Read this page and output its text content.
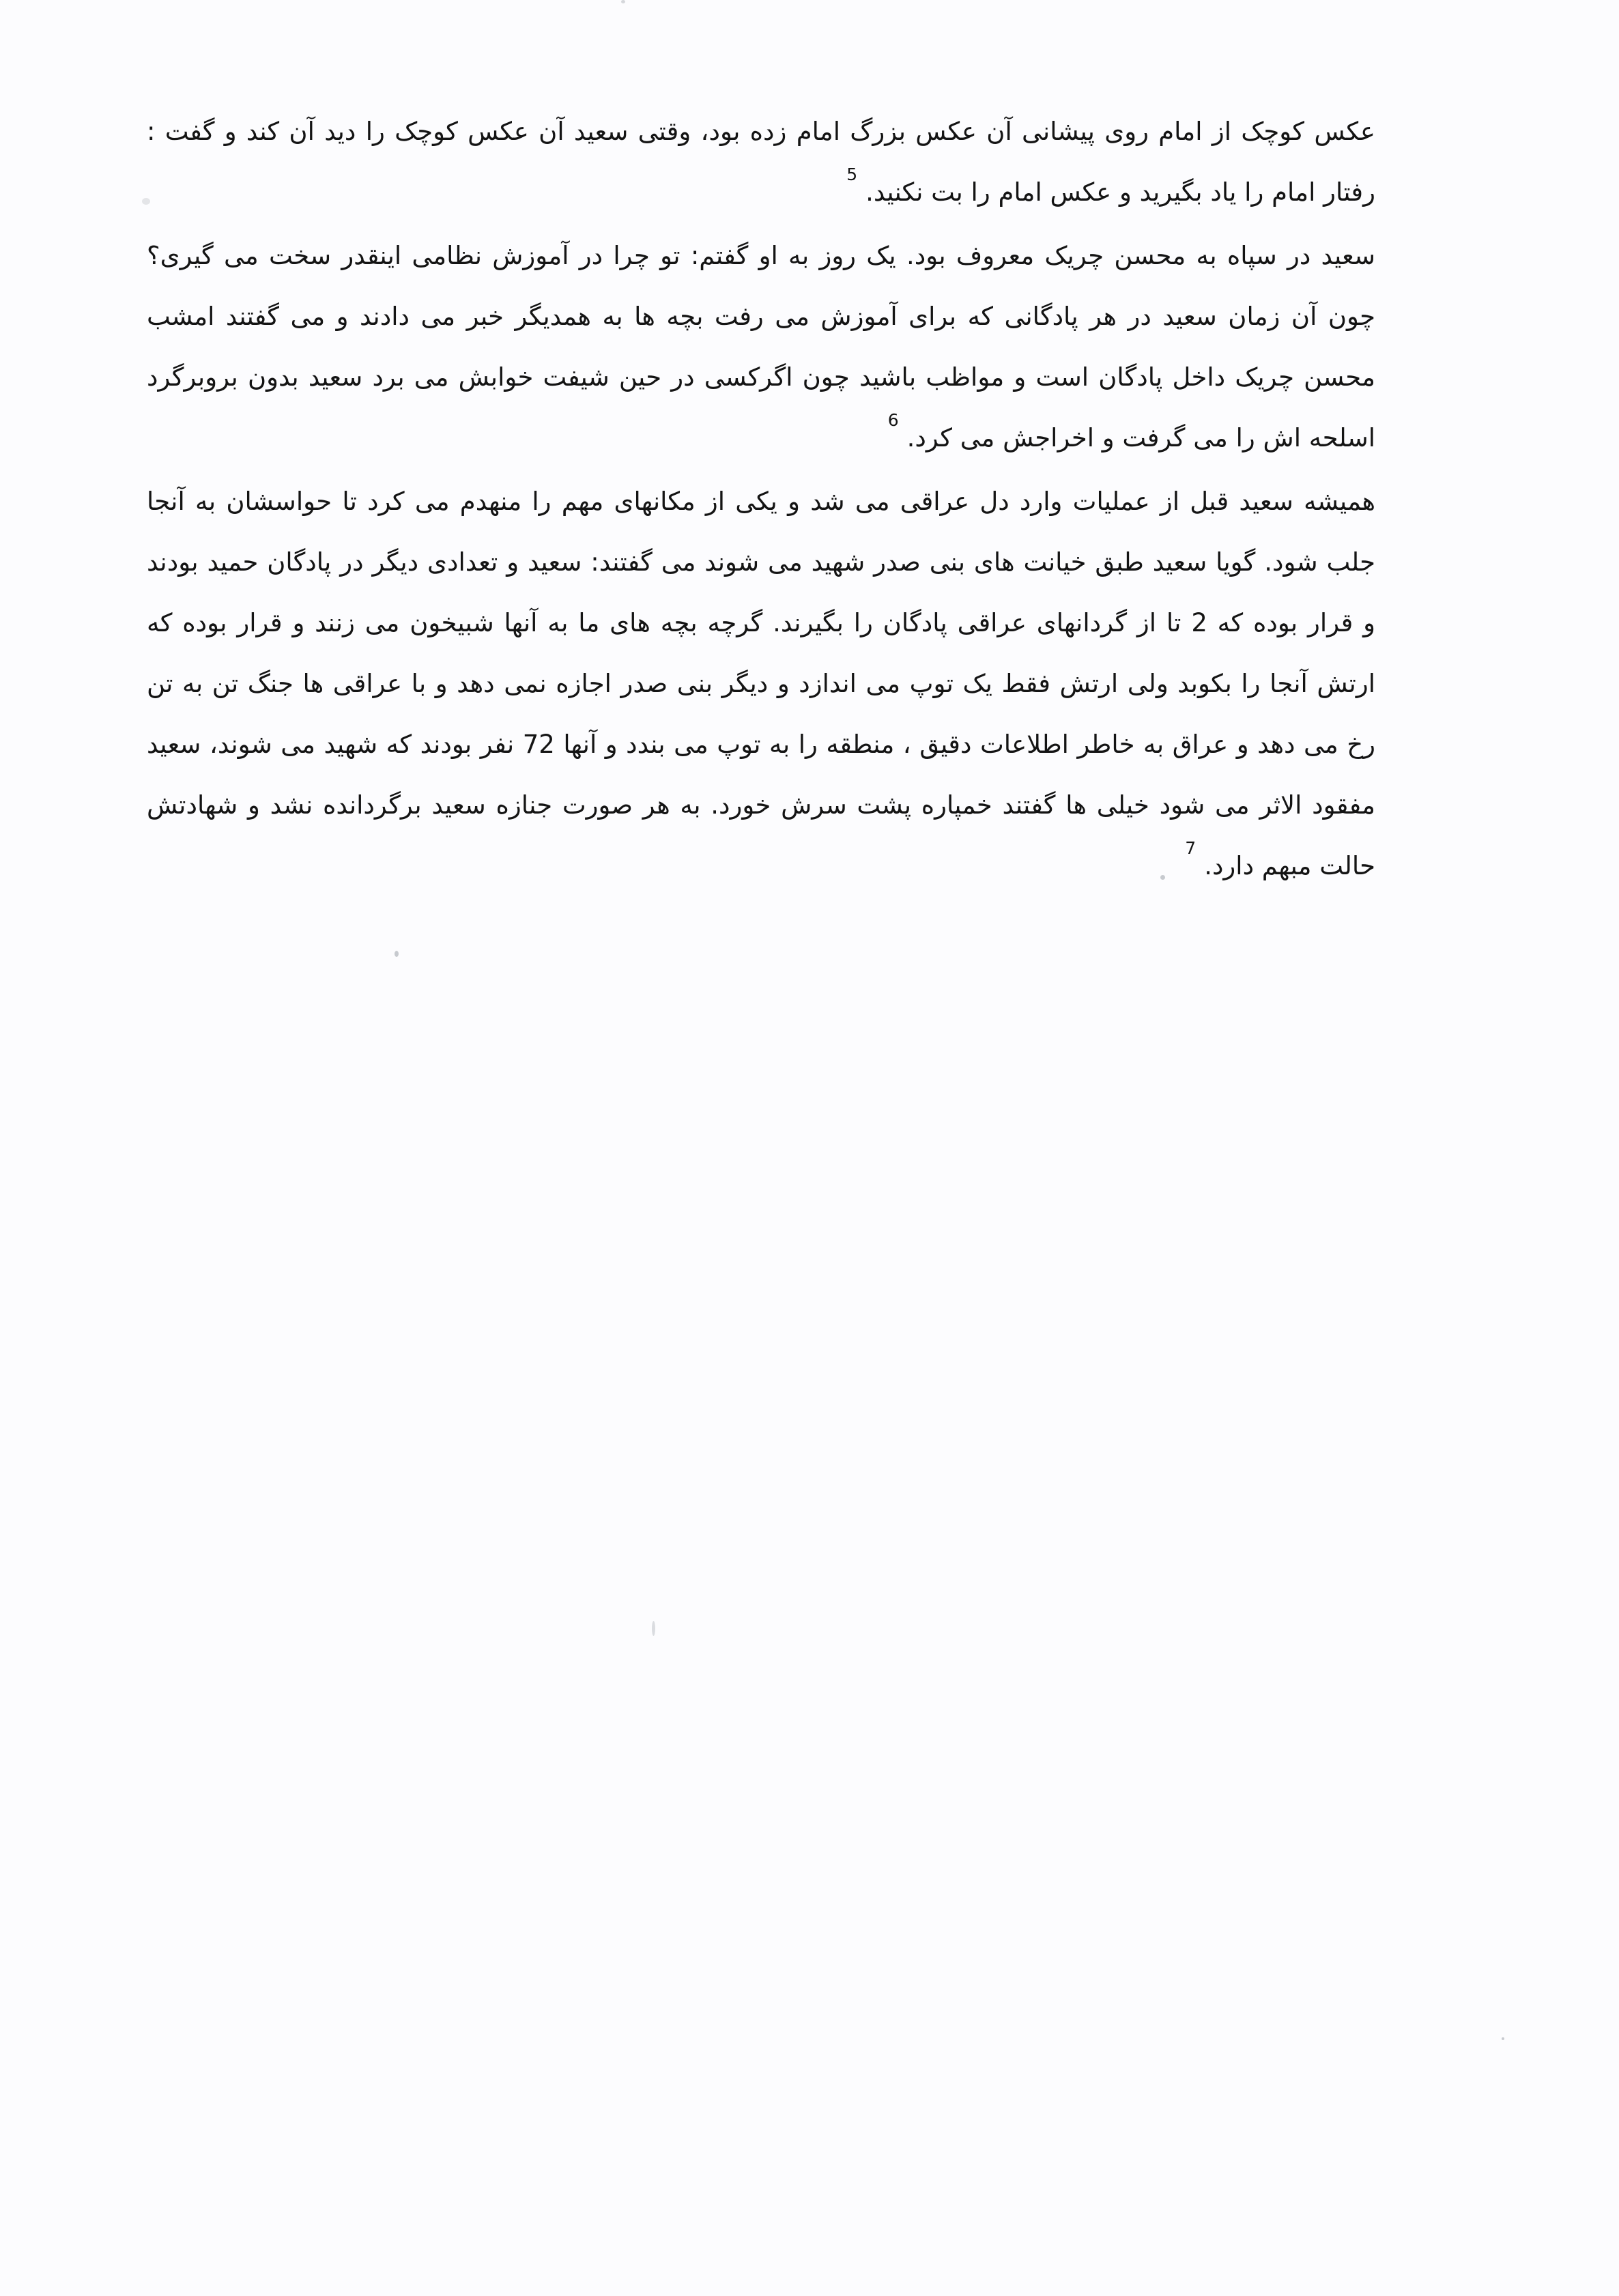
عکس کوچک از امام روی پیشانی آن عکس بزرگ امام زده بود، وقتی سعید آن عکس کوچک را دید آن کند و گفت : رفتار امام را یاد بگیرید و عکس امام را بت نکنید.$^5$

سعید در سپاه به محسن چریک معروف بود. یک روز به او گفتم: تو چرا در آموزش نظامی اینقدر سخت می گیری؟ چون آن زمان سعید در هر پادگانی که برای آموزش می رفت بچه ها به همدیگر خبر می دادند و می گفتند امشب محسن چریک داخل پادگان است و مواظب باشید چون اگرکسی در حین شیفت خوابش می برد سعید بدون بروبرگرد اسلحه اش را می گرفت و اخراجش می کرد.$^6$

همیشه سعید قبل از عملیات وارد دل عراقی می شد و یکی از مکانهای مهم را منهدم می کرد تا حواسشان به آنجا جلب شود. گویا سعید طبق خیانت های بنی صدر شهید می شوند می گفتند: سعید و تعدادی دیگر در پادگان حمید بودند و قرار بوده که 2 تا از گردانهای عراقی پادگان را بگیرند. گرچه بچه های ما به آنها شبیخون می زنند و قرار بوده که ارتش آنجا را بکوبد ولی ارتش فقط یک توپ می اندازد و دیگر بنی صدر اجازه نمی دهد و با عراقی ها جنگ تن به تن رخ می دهد و عراق به خاطر اطلاعات دقیق ، منطقه را به توپ می بندد و آنها 72 نفر بودند که شهید می شوند، سعید مفقود الاثر می شود خیلی ها گفتند خمپاره پشت سرش خورد. به هر صورت جنازه سعید برگردانده نشد و شهادتش حالت مبهم دارد.$^7$
